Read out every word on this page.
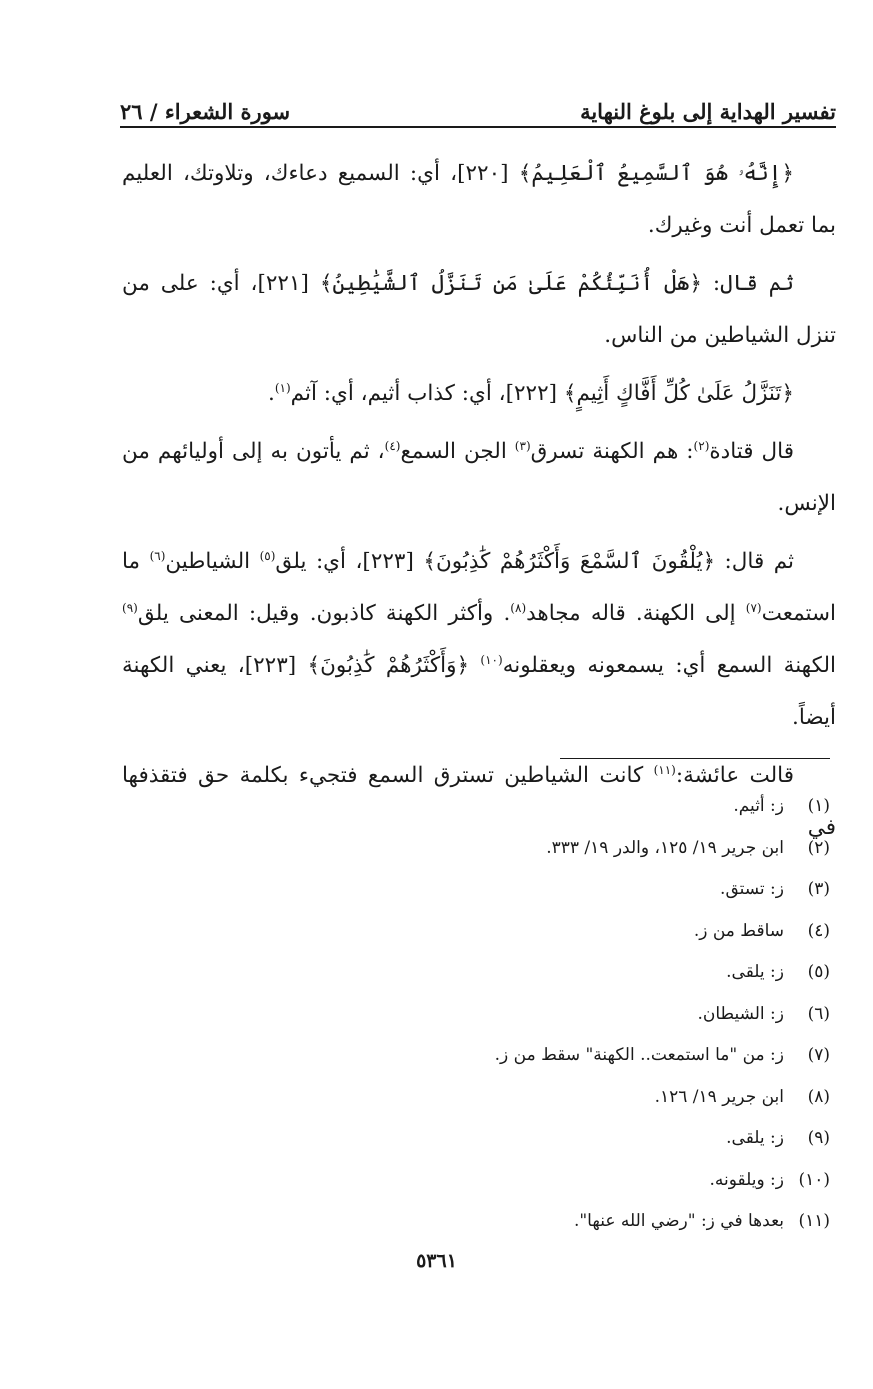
تفسير الهداية إلى بلوغ النهاية
سورة الشعراء / ٢٦

﴿إِنَّهُۥ هُوَ ٱلسَّمِيعُ ٱلْعَلِيمُ﴾ [٢٢٠]، أي: السميع دعاءك، وتلاوتك، العليم بما تعمل أنت وغيرك.

ثم قال: ﴿هَلْ أُنَبِّئُكُمْ عَلَىٰ مَن تَنَزَّلُ ٱلشَّيَٰطِينُ﴾ [٢٢١]، أي: على من تنزل الشياطين من الناس.

﴿تَنَزَّلُ عَلَىٰ كُلِّ أَفَّاكٍ أَثِيمٍ﴾ [٢٢٢]، أي: كذاب أثيم، أي: آثم$^{(١)}$.

قال قتادة$^{(٢)}$: هم الكهنة تسرق$^{(٣)}$ الجن السمع$^{(٤)}$، ثم يأتون به إلى أوليائهم من الإنس.

ثم قال: ﴿يُلْقُونَ ٱلسَّمْعَ وَأَكْثَرُهُمْ كَٰذِبُونَ﴾ [٢٢٣]، أي: يلق$^{(٥)}$ الشياطين$^{(٦)}$ ما استمعت$^{(٧)}$ إلى الكهنة. قاله مجاهد$^{(٨)}$. وأكثر الكهنة كاذبون. وقيل: المعنى يلق$^{(٩)}$ الكهنة السمع أي: يسمعونه ويعقلونه$^{(١٠)}$ ﴿وَأَكْثَرُهُمْ كَٰذِبُونَ﴾ [٢٢٣]، يعني الكهنة أيضاً.

قالت عائشة:$^{(١١)}$ كانت الشياطين تسترق السمع فتجيء بكلمة حق فتقذفها في

(١)
ز: أثيم.
(٢)
ابن جرير ١٩/ ١٢٥، والدر ١٩/ ٣٣٣.
(٣)
ز: تستق.
(٤)
ساقط من ز.
(٥)
ز: يلقى.
(٦)
ز: الشيطان.
(٧)
ز: من "ما استمعت.. الكهنة" سقط من ز.
(٨)
ابن جرير ١٩/ ١٢٦.
(٩)
ز: يلقى.
(١٠)
ز: ويلقونه.
(١١)
بعدها في ز: "رضي الله عنها".
٥٣٦١
